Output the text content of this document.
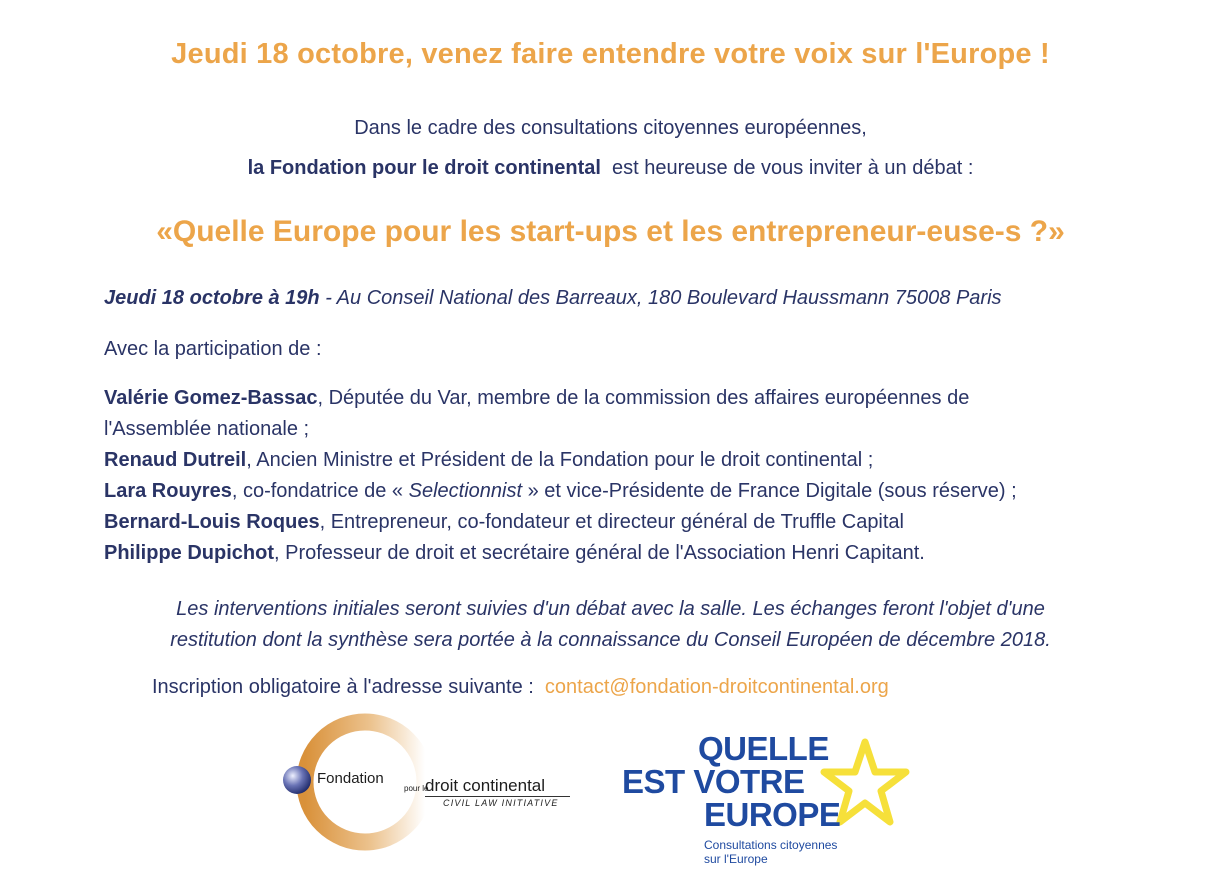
Jeudi 18 octobre, venez faire entendre votre voix sur l'Europe !
Dans le cadre des consultations citoyennes européennes,
la Fondation pour le droit continental  est heureuse de vous inviter à un débat :
«Quelle Europe pour les start-ups et les entrepreneur-euse-s ?»
Jeudi 18 octobre à 19h - Au Conseil National des Barreaux, 180 Boulevard Haussmann 75008 Paris
Avec la participation de :
Valérie Gomez-Bassac, Députée du Var, membre de la commission des affaires européennes de
l'Assemblée nationale ;
Renaud Dutreil, Ancien Ministre et Président de la Fondation pour le droit continental ;
Lara Rouyres, co-fondatrice de « Selectionnist » et vice-Présidente de France Digitale (sous réserve) ;
Bernard-Louis Roques, Entrepreneur, co-fondateur et directeur général de Truffle Capital
Philippe Dupichot, Professeur de droit et secrétaire général de l'Association Henri Capitant.
Les interventions initiales seront suivies d'un débat avec la salle. Les échanges feront l'objet d'une
restitution dont la synthèse sera portée à la connaissance du Conseil Européen de décembre 2018.
Inscription obligatoire à l'adresse suivante :  contact@fondation-droitcontinental.org
Fondation
pour le
droit continental
CIVIL LAW INITIATIVE
QUELLE
EST VOTRE
EUROPE
Consultations citoyennes
sur l'Europe
